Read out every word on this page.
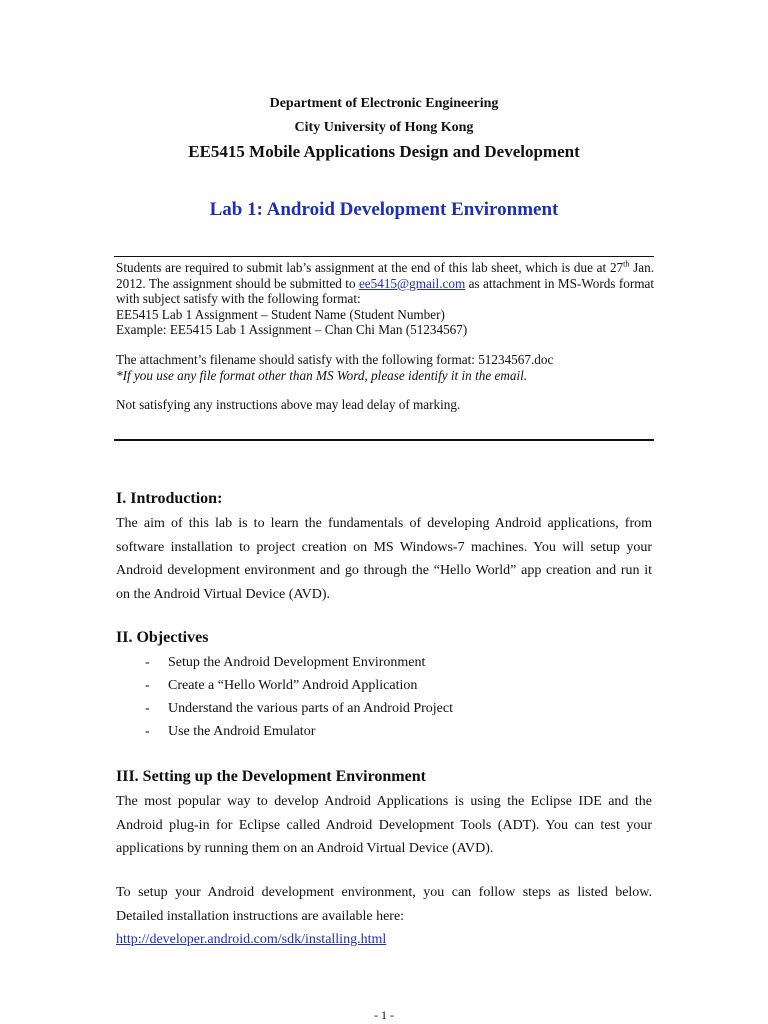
Department of Electronic Engineering
City University of Hong Kong
EE5415 Mobile Applications Design and Development
Lab 1: Android Development Environment

Students are required to submit lab’s assignment at the end of this lab sheet, which is due at 27th Jan. 2012. The assignment should be submitted to ee5415@gmail.com as attachment in MS-Words format with subject satisfy with the following format:

EE5415 Lab 1 Assignment – Student Name (Student Number)

Example: EE5415 Lab 1 Assignment – Chan Chi Man (51234567)

The attachment’s filename should satisfy with the following format: 51234567.doc

*If you use any file format other than MS Word, please identify it in the email.

Not satisfying any instructions above may lead delay of marking.

I. Introduction:

The aim of this lab is to learn the fundamentals of developing Android applications, from software installation to project creation on MS Windows-7 machines. You will setup your Android development environment and go through the “Hello World” app creation and run it on the Android Virtual Device (AVD).

II. Objectives
- Setup the Android Development Environment
- Create a “Hello World” Android Application
- Understand the various parts of an Android Project
- Use the Android Emulator
III. Setting up the Development Environment

The most popular way to develop Android Applications is using the Eclipse IDE and the Android plug-in for Eclipse called Android Development Tools (ADT). You can test your applications by running them on an Android Virtual Device (AVD).

To setup your Android development environment, you can follow steps as listed below. Detailed installation instructions are available here:

http://developer.android.com/sdk/installing.html

- 1 -
